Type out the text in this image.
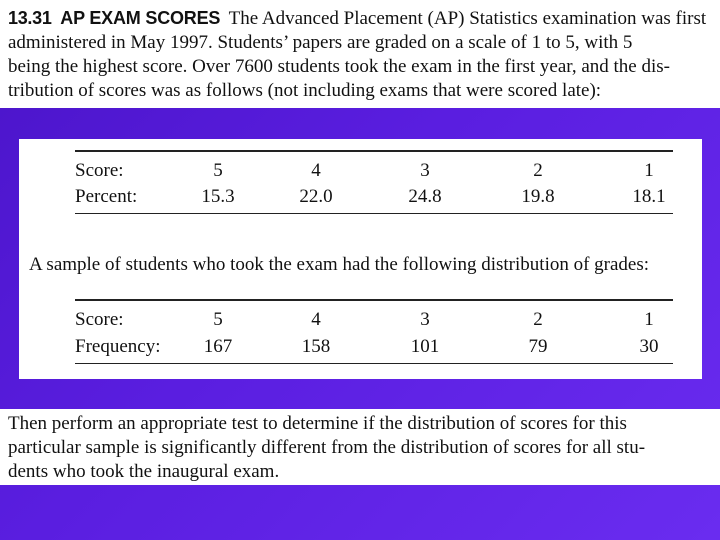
13.31 AP EXAM SCORES The Advanced Placement (AP) Statistics examination was first
administered in May 1997. Students’ papers are graded on a scale of 1 to 5, with 5
being the highest score. Over 7600 students took the exam in the first year, and the dis-
tribution of scores was as follows (not including exams that were scored late):
Score:	5	4	3	2	1
Percent:	15.3	22.0	24.8	19.8	18.1
A sample of students who took the exam had the following distribution of grades:
Score:	5	4	3	2	1
Frequency:	167	158	101	79	30
Then perform an appropriate test to determine if the distribution of scores for this
particular sample is significantly different from the distribution of scores for all stu-
dents who took the inaugural exam.
